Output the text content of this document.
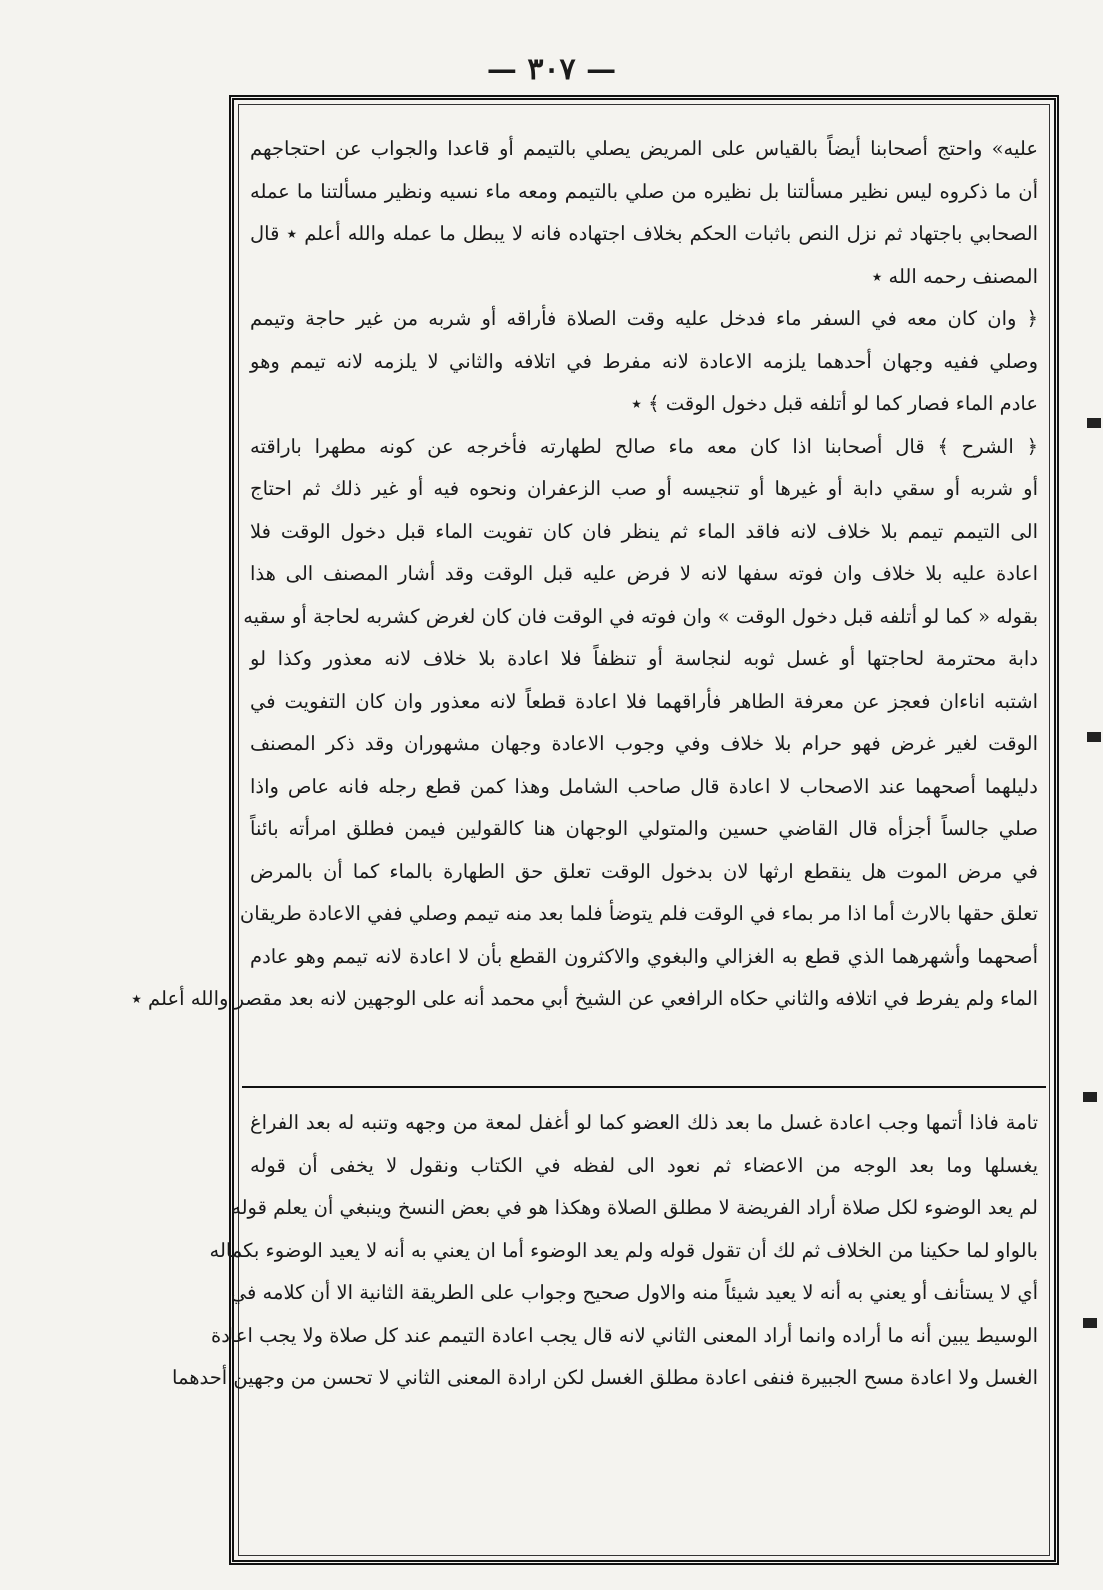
— ٣٠٧ —
عليه» واحتج أصحابنا أيضاً بالقياس على المريض يصلي بالتيمم أو قاعدا والجواب عن احتجاجهم
أن ما ذكروه ليس نظير مسألتنا بل نظيره من صلي بالتيمم ومعه ماء نسيه ونظير مسألتنا ما عمله
الصحابي باجتهاد ثم نزل النص باثبات الحكم بخلاف اجتهاده فانه لا يبطل ما عمله والله أعلم ٭ قال
المصنف رحمه الله ٭
﴿ وان كان معه في السفر ماء فدخل عليه وقت الصلاة فأراقه أو شربه من غير حاجة وتيمم
وصلي ففيه وجهان أحدهما يلزمه الاعادة لانه مفرط في اتلافه والثاني لا يلزمه لانه تيمم وهو
عادم الماء فصار كما لو أتلفه قبل دخول الوقت ﴾ ٭
﴿ الشرح ﴾ قال أصحابنا اذا كان معه ماء صالح لطهارته فأخرجه عن كونه مطهرا باراقته
أو شربه أو سقي دابة أو غيرها أو تنجيسه أو صب الزعفران ونحوه فيه أو غير ذلك ثم احتاج
الى التيمم تيمم بلا خلاف لانه فاقد الماء ثم ينظر فان كان تفويت الماء قبل دخول الوقت فلا
اعادة عليه بلا خلاف وان فوته سفها لانه لا فرض عليه قبل الوقت وقد أشار المصنف الى هذا
بقوله « كما لو أتلفه قبل دخول الوقت » وان فوته في الوقت فان كان لغرض كشربه لحاجة أو سقيه
دابة محترمة لحاجتها أو غسل ثوبه لنجاسة أو تنظفاً فلا اعادة بلا خلاف لانه معذور وكذا لو
اشتبه اناءان فعجز عن معرفة الطاهر فأراقهما فلا اعادة قطعاً لانه معذور وان كان التفويت في
الوقت لغير غرض فهو حرام بلا خلاف وفي وجوب الاعادة وجهان مشهوران وقد ذكر المصنف
دليلهما أصحهما عند الاصحاب لا اعادة قال صاحب الشامل وهذا كمن قطع رجله فانه عاص واذا
صلي جالساً أجزأه قال القاضي حسين والمتولي الوجهان هنا كالقولين فيمن فطلق امرأته بائناً
في مرض الموت هل ينقطع ارثها لان بدخول الوقت تعلق حق الطهارة بالماء كما أن بالمرض
تعلق حقها بالارث أما اذا مر بماء في الوقت فلم يتوضأ فلما بعد منه تيمم وصلي ففي الاعادة طريقان
أصحهما وأشهرهما الذي قطع به الغزالي والبغوي والاكثرون القطع بأن لا اعادة لانه تيمم وهو عادم
الماء ولم يفرط في اتلافه والثاني حكاه الرافعي عن الشيخ أبي محمد أنه على الوجهين لانه بعد مقصر والله أعلم ٭
تامة فاذا أتمها وجب اعادة غسل ما بعد ذلك العضو كما لو أغفل لمعة من وجهه وتنبه له بعد الفراغ
يغسلها وما بعد الوجه من الاعضاء ثم نعود الى لفظه في الكتاب ونقول لا يخفى أن قوله
لم يعد الوضوء لكل صلاة أراد الفريضة لا مطلق الصلاة وهكذا هو في بعض النسخ وينبغي أن يعلم قوله
بالواو لما حكينا من الخلاف ثم لك أن تقول قوله ولم يعد الوضوء أما ان يعني به أنه لا يعيد الوضوء بكماله
أي لا يستأنف أو يعني به أنه لا يعيد شيئاً منه والاول صحيح وجواب على الطريقة الثانية الا أن كلامه في
الوسيط يبين أنه ما أراده وانما أراد المعنى الثاني لانه قال يجب اعادة التيمم عند كل صلاة ولا يجب اعادة
الغسل ولا اعادة مسح الجبيرة فنفى اعادة مطلق الغسل لكن ارادة المعنى الثاني لا تحسن من وجهين أحدهما
